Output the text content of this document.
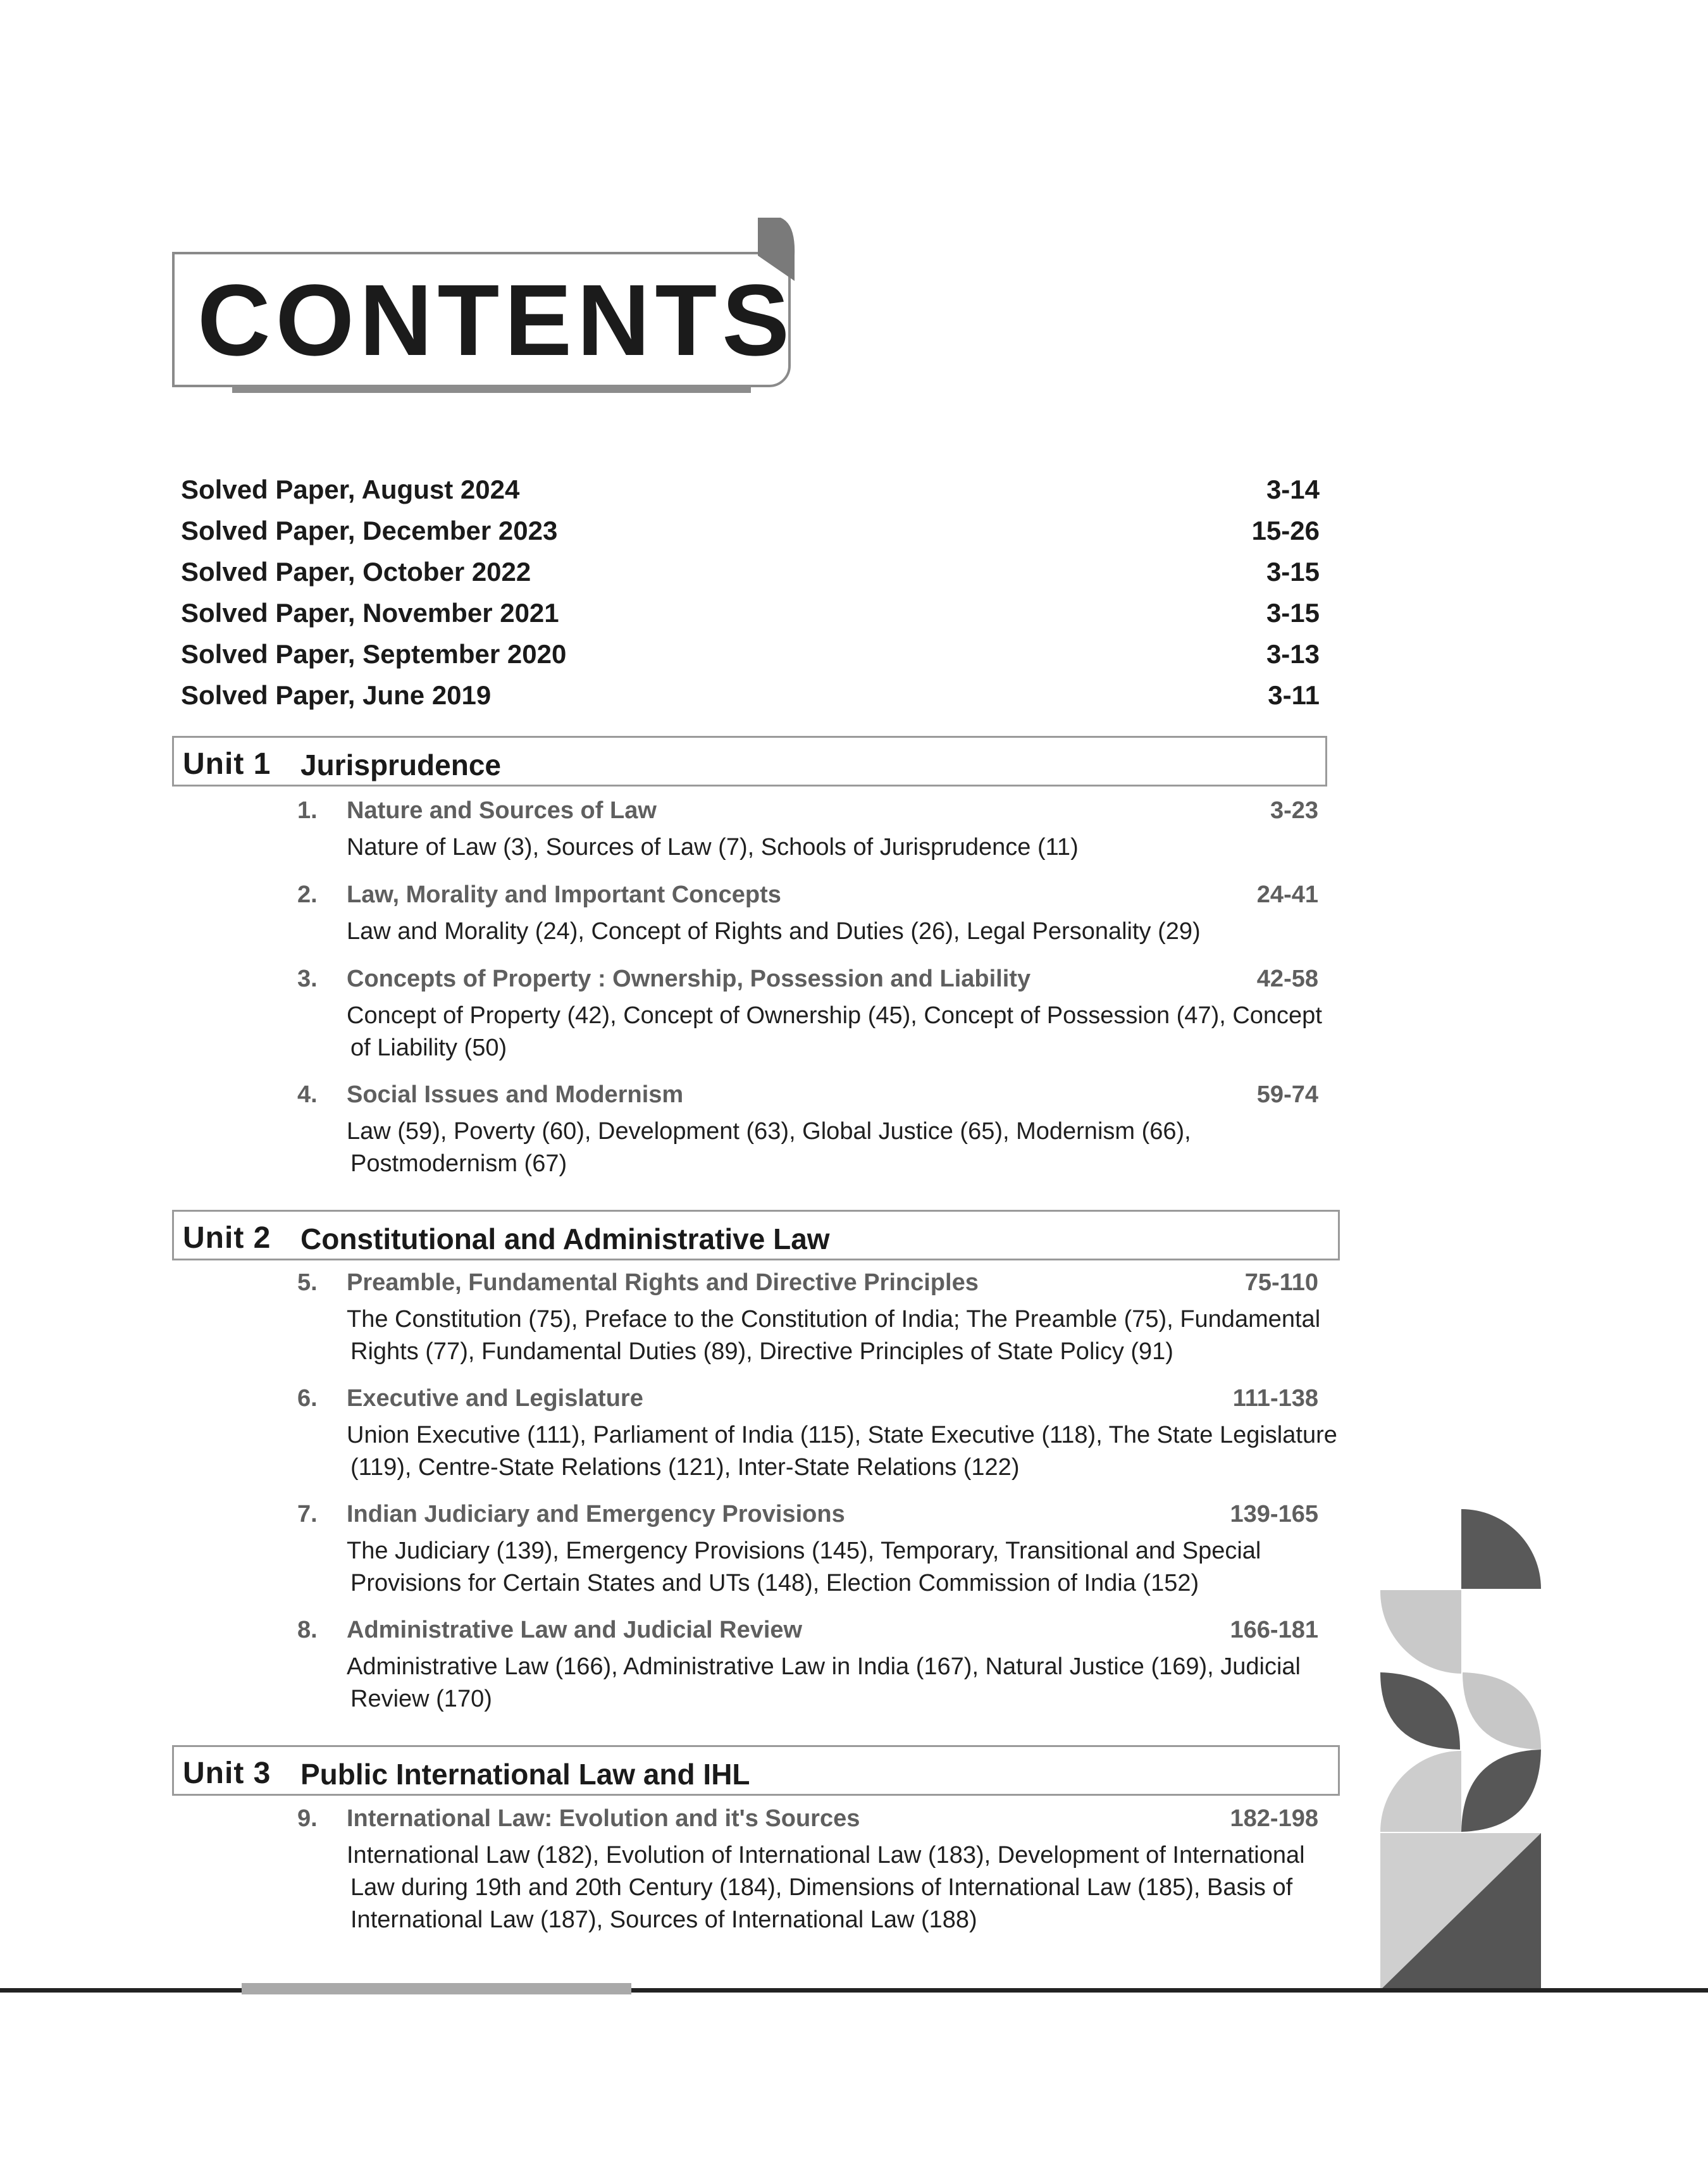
CONTENTS
Solved Paper, August 2024	3-14
Solved Paper, December 2023	15-26
Solved Paper, October 2022	3-15
Solved Paper, November 2021	3-15
Solved Paper, September 2020	3-13
Solved Paper, June 2019	3-11
Unit 1 Jurisprudence
1. Nature and Sources of Law	3-23
Nature of Law (3), Sources of Law (7), Schools of Jurisprudence (11)
2. Law, Morality and Important Concepts	24-41
Law and Morality (24), Concept of Rights and Duties (26), Legal Personality (29)
3. Concepts of Property : Ownership, Possession and Liability	42-58
Concept of Property (42), Concept of Ownership (45), Concept of Possession (47), Concept of Liability (50)
4. Social Issues and Modernism	59-74
Law (59), Poverty (60), Development (63), Global Justice (65), Modernism (66), Postmodernism (67)
Unit 2 Constitutional and Administrative Law
5. Preamble, Fundamental Rights and Directive Principles	75-110
The Constitution (75), Preface to the Constitution of India; The Preamble (75), Fundamental Rights (77), Fundamental Duties (89), Directive Principles of State Policy (91)
6. Executive and Legislature	111-138
Union Executive (111), Parliament of India (115), State Executive (118), The State Legislature (119), Centre-State Relations (121), Inter-State Relations (122)
7. Indian Judiciary and Emergency Provisions	139-165
The Judiciary (139), Emergency Provisions (145), Temporary, Transitional and Special Provisions for Certain States and UTs (148), Election Commission of India (152)
8. Administrative Law and Judicial Review	166-181
Administrative Law (166), Administrative Law in India (167), Natural Justice (169), Judicial Review (170)
Unit 3 Public International Law and IHL
9. International Law: Evolution and it's Sources	182-198
International Law (182), Evolution of International Law (183), Development of International Law during 19th and 20th Century (184), Dimensions of International Law (185), Basis of International Law (187), Sources of International Law (188)
